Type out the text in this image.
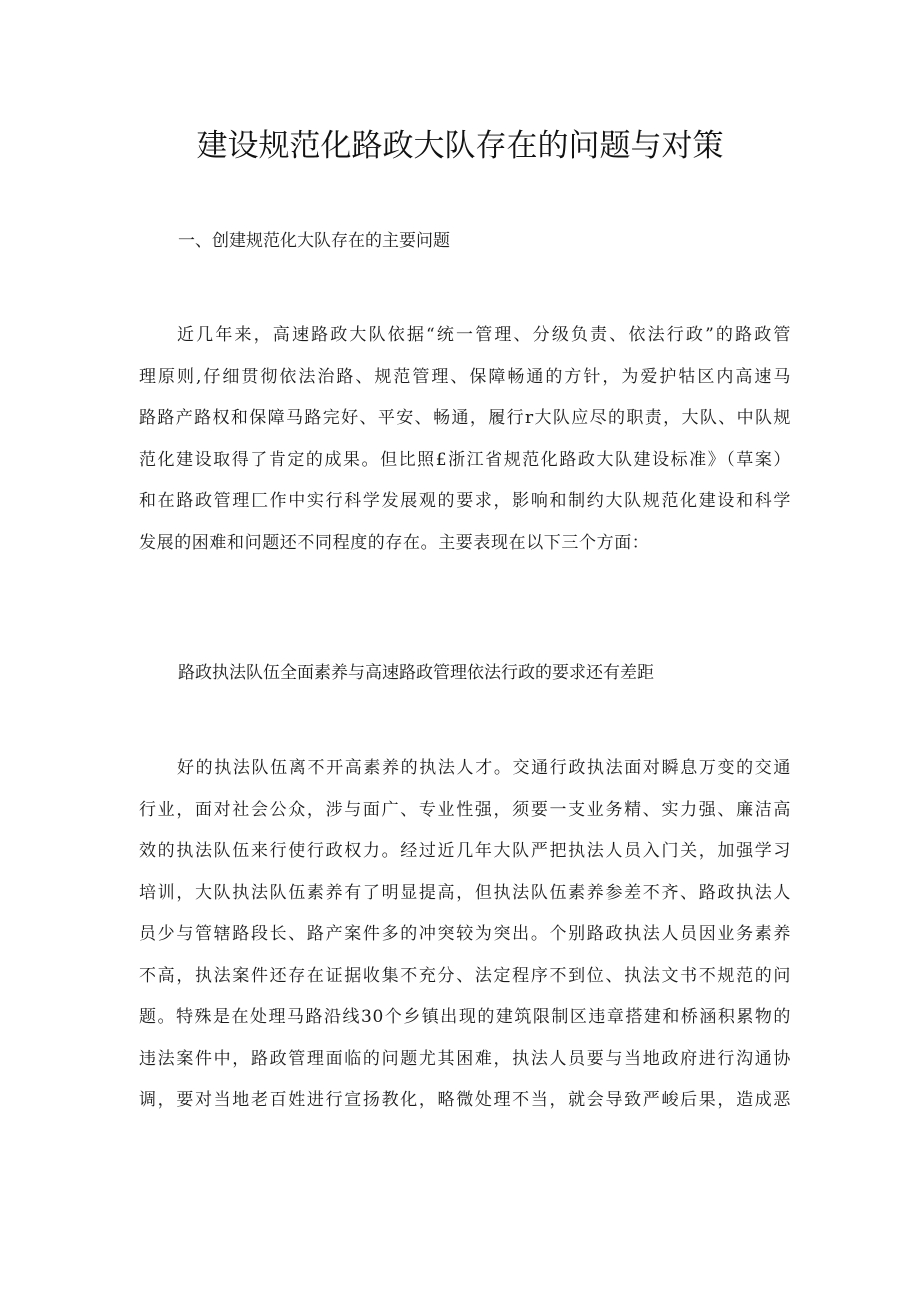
建设规范化路政大队存在的问题与对策

一、创建规范化大队存在的主要问题

近几年来，高速路政大队依据“统一管理、分级负责、依法行政”的路政管
理原则,仔细贯彻依法治路、规范管理、保障畅通的方针，为爱护牯区内高速马
路路产路权和保障马路完好、平安、畅通，履行r大队应尽的职责，大队、中队规
范化建设取得了肯定的成果。但比照£浙江省规范化路政大队建设标准》（草案）
和在路政管理匚作中实行科学发展观的要求，影响和制约大队规范化建设和科学
发展的困难和问题还不同程度的存在。主要表现在以下三个方面：

路政执法队伍全面素养与高速路政管理依法行政的要求还有差距

好的执法队伍离不开高素养的执法人才。交通行政执法面对瞬息万变的交通
行业，面对社会公众，涉与面广、专业性强，须要一支业务精、实力强、廉洁高
效的执法队伍来行使行政权力。经过近几年大队严把执法人员入门关，加强学习
培训，大队执法队伍素养有了明显提高，但执法队伍素养参差不齐、路政执法人
员少与管辖路段长、路产案件多的冲突较为突出。个别路政执法人员因业务素养
不高，执法案件还存在证据收集不充分、法定程序不到位、执法文书不规范的问
题。特殊是在处理马路沿线30个乡镇出现的建筑限制区违章搭建和桥涵积累物的
违法案件中，路政管理面临的问题尤其困难，执法人员要与当地政府进行沟通协
调，要对当地老百姓进行宣扬教化，略微处理不当，就会导致严峻后果，造成恶
